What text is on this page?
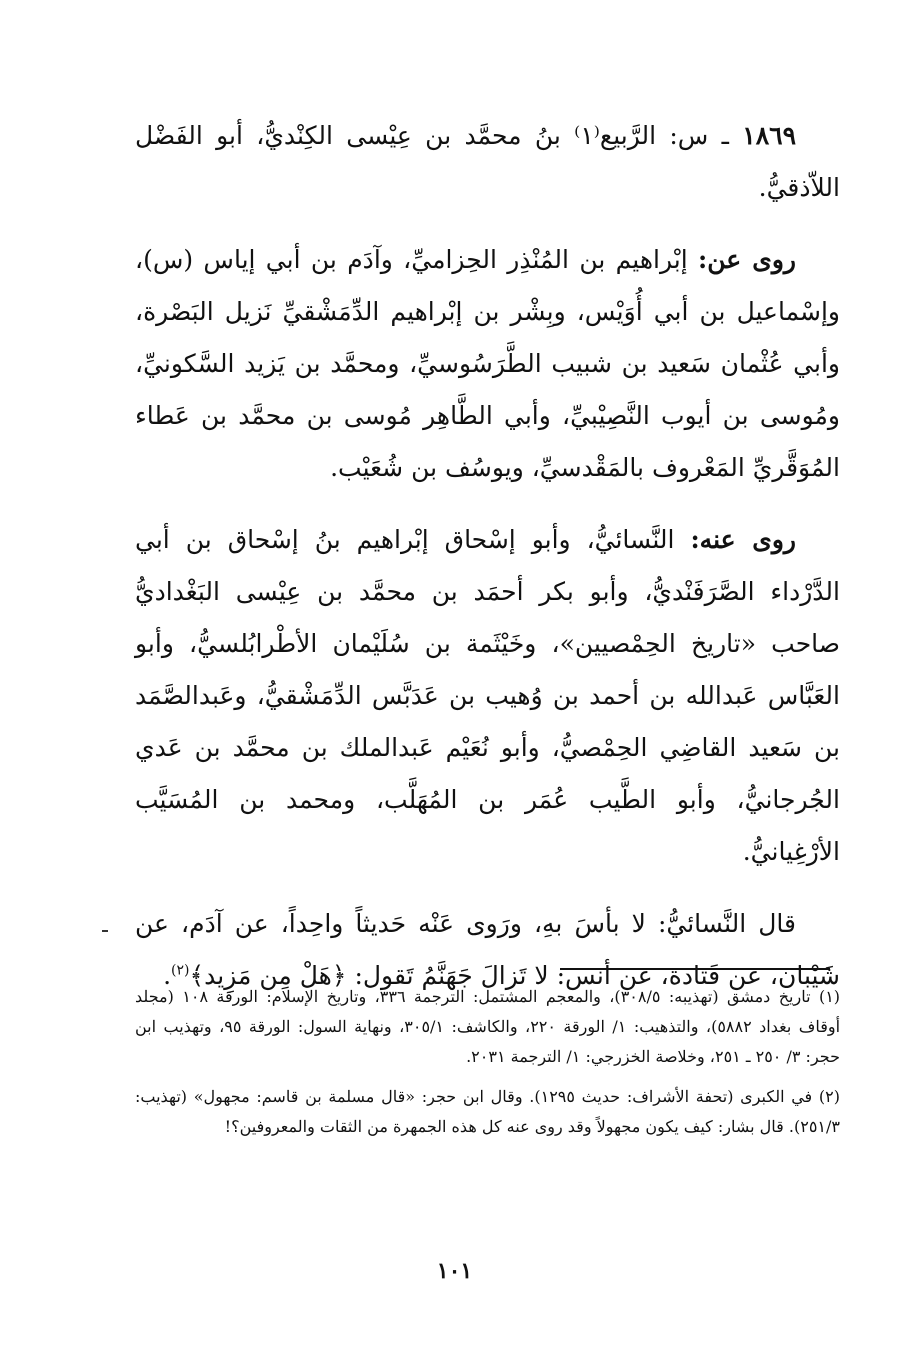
١٨٦٩ ـ س: الرَّبيع⁽١⁾ بنُ محمَّد بن عِيْسى الكِنْديُّ، أبو الفَضْل اللاّذقيُّ.

روى عن: إبْراهيم بن المُنْذِر الحِزاميِّ، وآدَم بن أبي إياس (س)، وإسْماعيل بن أبي أُوَيْس، وبِشْر بن إبْراهيم الدِّمَشْقيِّ نَزيل البَصْرة، وأبي عُثْمان سَعيد بن شبيب الطَّرَسُوسيِّ، ومحمَّد بن يَزيد السَّكونيِّ، ومُوسى بن أيوب النَّصِيْبيِّ، وأبي الطَّاهِر مُوسى بن محمَّد بن عَطاء المُوَقَّريِّ المَعْروف بالمَقْدسيِّ، ويوسُف بن شُعَيْب.

روى عنه: النَّسائيُّ، وأبو إسْحاق إبْراهيم بنُ إسْحاق بن أبي الدَّرْداء الصَّرَفَنْديُّ، وأبو بكر أحمَد بن محمَّد بن عِيْسى البَغْداديُّ صاحب «تاريخ الحِمْصيين»، وخَيْثَمة بن سُلَيْمان الأطْرابُلسيُّ، وأبو العَبَّاس عَبدالله بن أحمد بن وُهيب بن عَدَبَّس الدِّمَشْقيُّ، وعَبدالصَّمَد بن سَعيد القاضِي الحِمْصيُّ، وأبو نُعَيْم عَبدالملك بن محمَّد بن عَدي الجُرجانيُّ، وأبو الطَّيب عُمَر بن المُهَلَّب، ومحمد بن المُسَيَّب الأرْغِيانيُّ.

قال النَّسائيُّ: لا بأسَ بهِ، ورَوى عَنْه حَديثاً واحِداً، عن آدَم، عن شَيْبان، عن قَتادة، عن أنس: لا تَزالَ جَهَنَّمُ تَقول: ﴿هَلْ مِن مَزِيد﴾$^{(٢)}$.

(١) تاريخ دمشق (تهذيبه: ٣٠٨/٥)، والمعجم المشتمل: الترجمة ٣٣٦، وتاريخ الإسلام: الورقة ١٠٨ (مجلد أوقاف بغداد ٥٨٨٢)، والتذهيب: ١/ الورقة ٢٢٠، والكاشف: ٣٠٥/١، ونهاية السول: الورقة ٩٥، وتهذيب ابن حجر: ٣/ ٢٥٠ ـ ٢٥١، وخلاصة الخزرجي: ١/ الترجمة ٢٠٣١.

(٢) في الكبرى (تحفة الأشراف: حديث ١٢٩٥). وقال ابن حجر: «قال مسلمة بن قاسم: مجهول» (تهذيب: ٢٥١/٣). قال بشار: كيف يكون مجهولاً وقد روى عنه كل هذه الجمهرة من الثقات والمعروفين؟!

١٠١
